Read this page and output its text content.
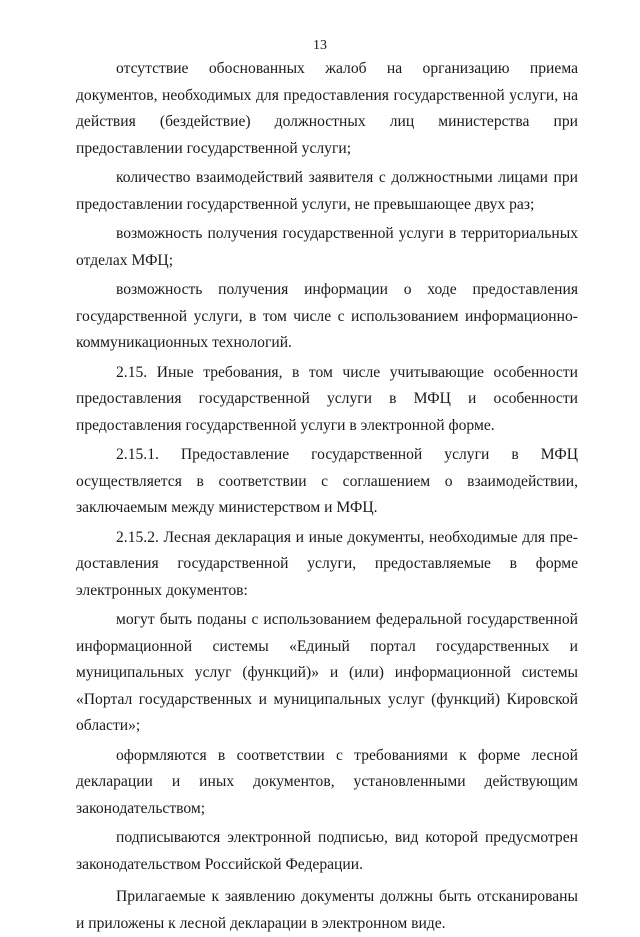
13

отсутствие обоснованных жалоб на организацию приема документов, необходимых для предоставления государственной услуги, на действия (бездействие) должностных лиц министерства при предоставлении государственной услуги;

количество взаимодействий заявителя с должностными лицами при предоставлении государственной услуги, не превышающее двух раз;

возможность получения государственной услуги в территориальных отделах МФЦ;

возможность получения информации о ходе предоставления государственной услуги, в том числе с использованием информационно-коммуникационных технологий.

2.15. Иные требования, в том числе учитывающие особенности предоставления государственной услуги в МФЦ и особенности предоставления государственной услуги в электронной форме.

2.15.1. Предоставление государственной услуги в МФЦ осуществляется в соответствии с соглашением о взаимодействии, заключаемым между министерством и МФЦ.

2.15.2. Лесная декларация и иные документы, необходимые для предоставления государственной услуги, предоставляемые в форме электронных документов:

могут быть поданы с использованием федеральной государственной информационной системы «Единый портал государственных и муниципальных услуг (функций)» и (или) информационной системы «Портал государственных и муниципальных услуг (функций) Кировской области»;

оформляются в соответствии с требованиями к форме лесной декларации и иных документов, установленными действующим законодательством;

подписываются электронной подписью, вид которой предусмотрен законодательством Российской Федерации.

Прилагаемые к заявлению документы должны быть отсканированы и приложены к лесной декларации в электронном виде.
